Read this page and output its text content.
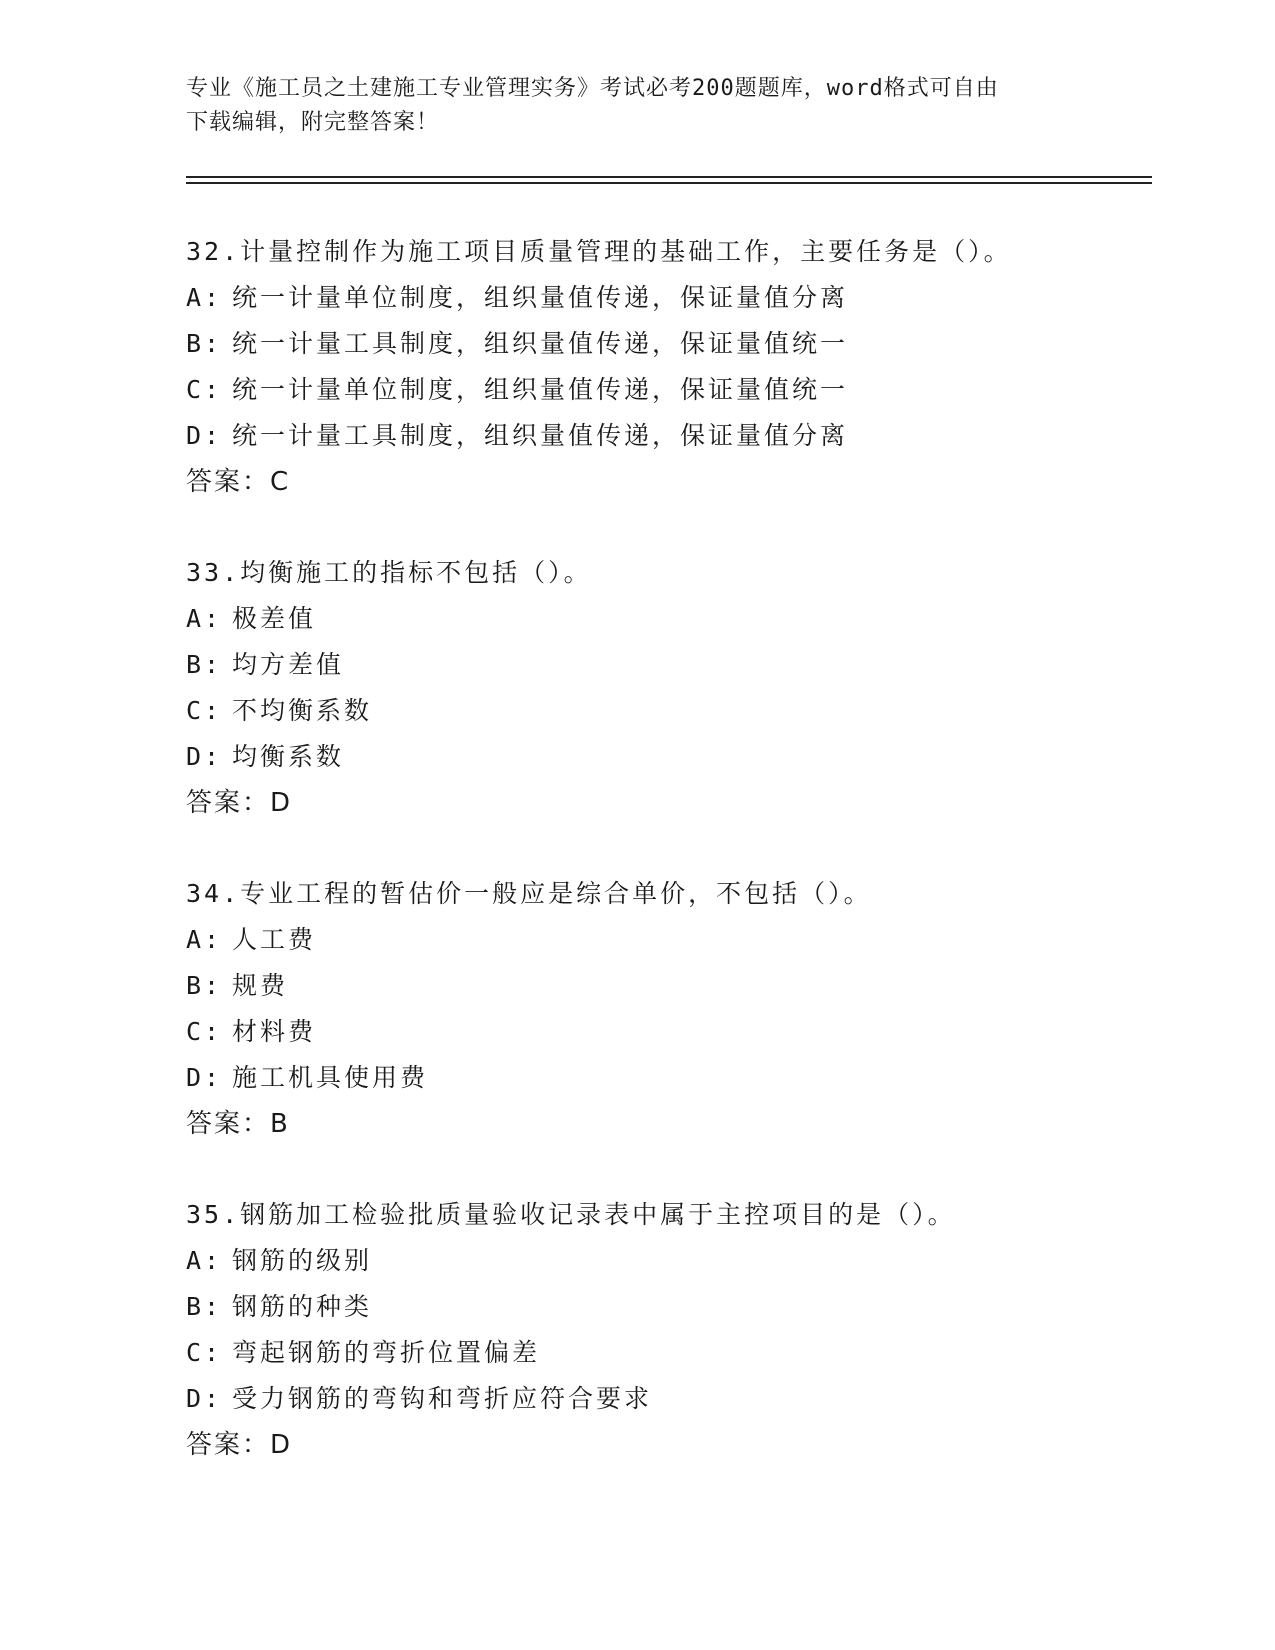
专业《施工员之土建施工专业管理实务》考试必考200题题库，word格式可自由
下载编辑，附完整答案！
32.计量控制作为施工项目质量管理的基础工作，主要任务是（）。
A: 统一计量单位制度，组织量值传递，保证量值分离
B: 统一计量工具制度，组织量值传递，保证量值统一
C: 统一计量单位制度，组织量值传递，保证量值统一
D: 统一计量工具制度，组织量值传递，保证量值分离
答案：C
33.均衡施工的指标不包括（）。
A: 极差值
B: 均方差值
C: 不均衡系数
D: 均衡系数
答案：D
34.专业工程的暂估价一般应是综合单价，不包括（）。
A: 人工费
B: 规费
C: 材料费
D: 施工机具使用费
答案：B
35.钢筋加工检验批质量验收记录表中属于主控项目的是（）。
A: 钢筋的级别
B: 钢筋的种类
C: 弯起钢筋的弯折位置偏差
D: 受力钢筋的弯钩和弯折应符合要求
答案：D
